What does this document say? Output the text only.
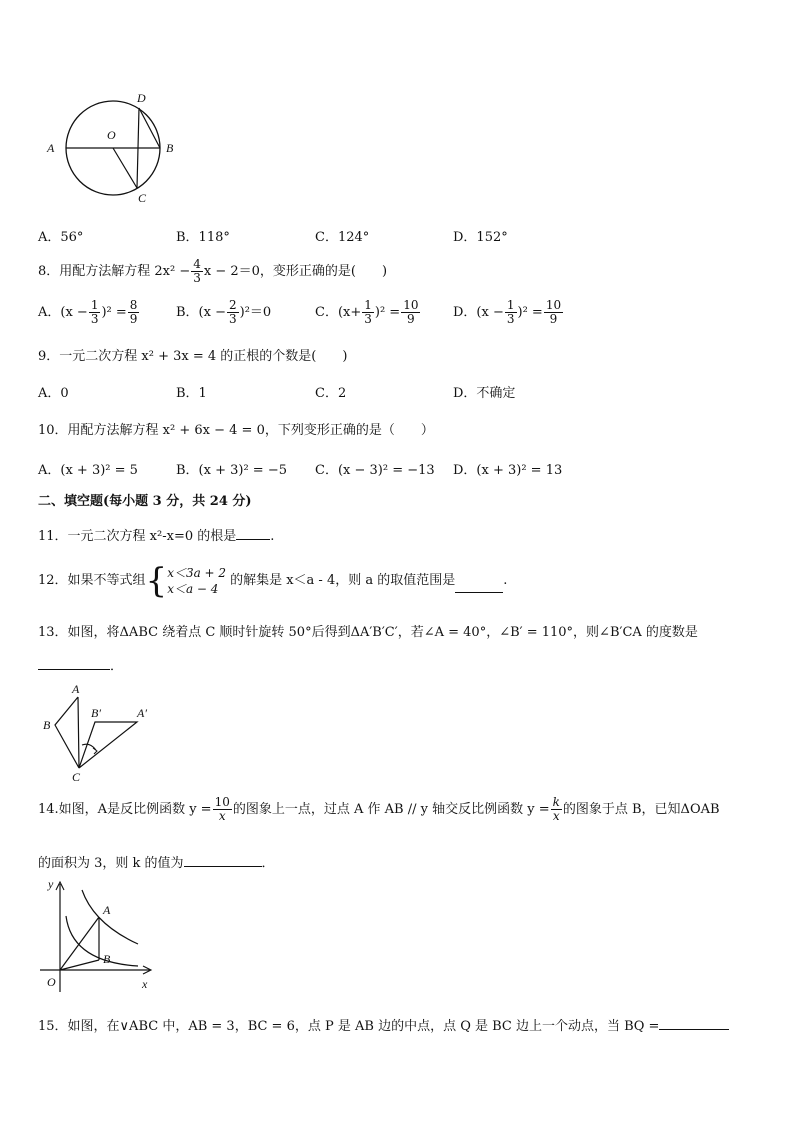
D
O
A	B
C
A．56°	B．118°	C．124°	D．152°
8．用配方法解方程 $2x^2 - \frac{4}{3}$ x − 2＝0，变形正确的是(　　)
A．$(x - \frac{1}{3} )^2 = \frac{8}{9}$	B．$(x - \frac{2}{3} )^2=0$	C．$(x+ \frac{1}{3} )^2 = \frac{10}{9}$	D．$(x - \frac{1}{3} )^2 = \frac{10}{9}$
9．一元二次方程 x² + 3x = 4 的正根的个数是(　　)
A．0	B．1	C．2	D．不确定
10．用配方法解方程 x² + 6x − 4 = 0，下列变形正确的是（　　）
A．(x + 3)² = 5	B．(x + 3)² = −5 C．(x − 3)² = −13 D．(x + 3)² = 13
二、填空题(每小题 3 分，共 24 分)
11．一元二次方程 x²-x=0 的根是	.
12．如果不等式组 { x＜3a + 2
x＜a − 4
的解集是 x＜a - 4，则 a 的取值范围是	.
13．如图，将ΔABC 绕着点 C 顺时针旋转 50°后得到ΔA′B′C′，若∠A = 40°，∠B′ = 110°，则∠B′CA 的度数是
．
A
B
B′	A′
C
14.如图，A是反比例函数 $y = \frac{10}{x}$ 的图象上一点，过点 A 作 AB // y 轴交反比例函数 $y = \frac{k}{x}$ 的图象于点 B，已知ΔOAB
的面积为 3，则 k 的值为	．
y
x
O
A
B
15．如图，在∨ABC 中，AB = 3，BC = 6，点 P 是 AB 边的中点，点 Q 是 BC 边上一个动点，当 BQ =
